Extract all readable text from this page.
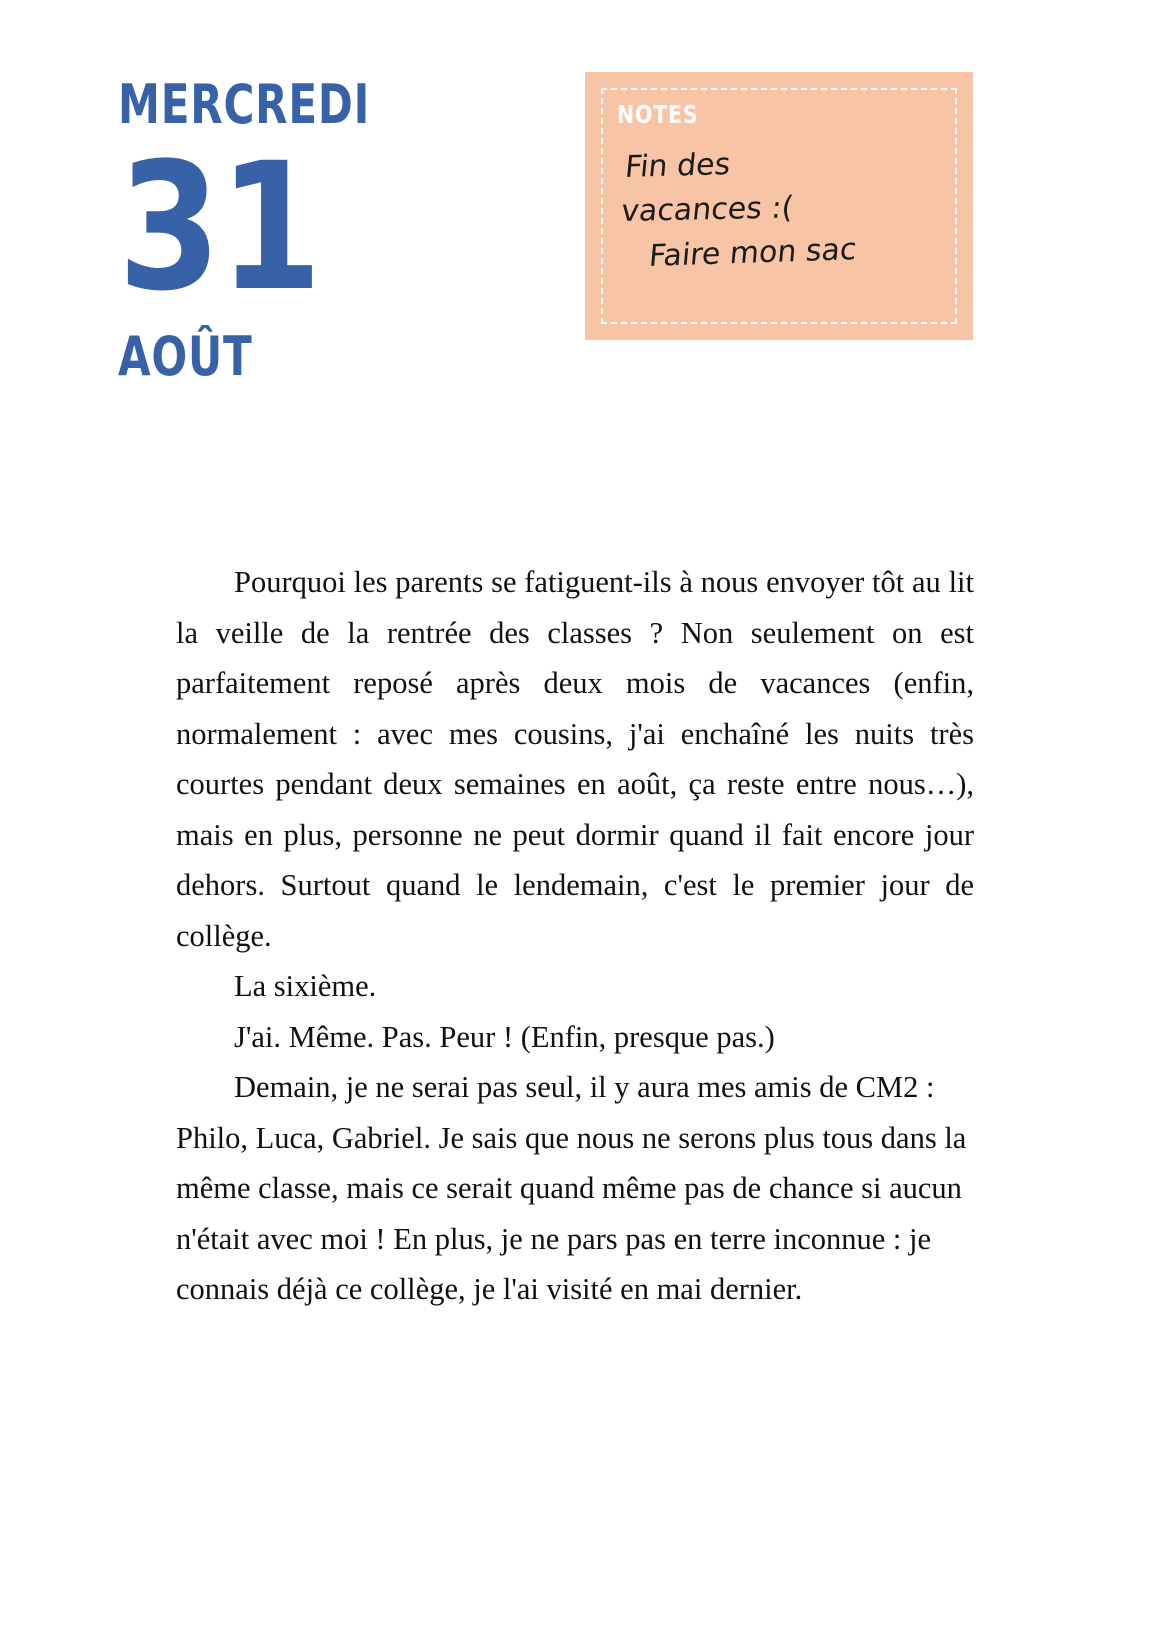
MERCREDI
31
AOÛT
NOTES
Fin des
vacances :(
Faire mon sac

Pourquoi les parents se fatiguent-ils à nous envoyer tôt au lit la veille de la rentrée des classes ? Non seulement on est parfaitement reposé après deux mois de vacances (enfin, normalement : avec mes cousins, j'ai enchaîné les nuits très courtes pendant deux semaines en août, ça reste entre nous…), mais en plus, personne ne peut dormir quand il fait encore jour dehors. Surtout quand le lendemain, c'est le premier jour de collège.

La sixième.

J'ai. Même. Pas. Peur ! (Enfin, presque pas.)

Demain, je ne serai pas seul, il y aura mes amis de CM2 : Philo, Luca, Gabriel. Je sais que nous ne serons plus tous dans la même classe, mais ce serait quand même pas de chance si aucun n'était avec moi ! En plus, je ne pars pas en terre inconnue : je connais déjà ce collège, je l'ai visité en mai dernier.
